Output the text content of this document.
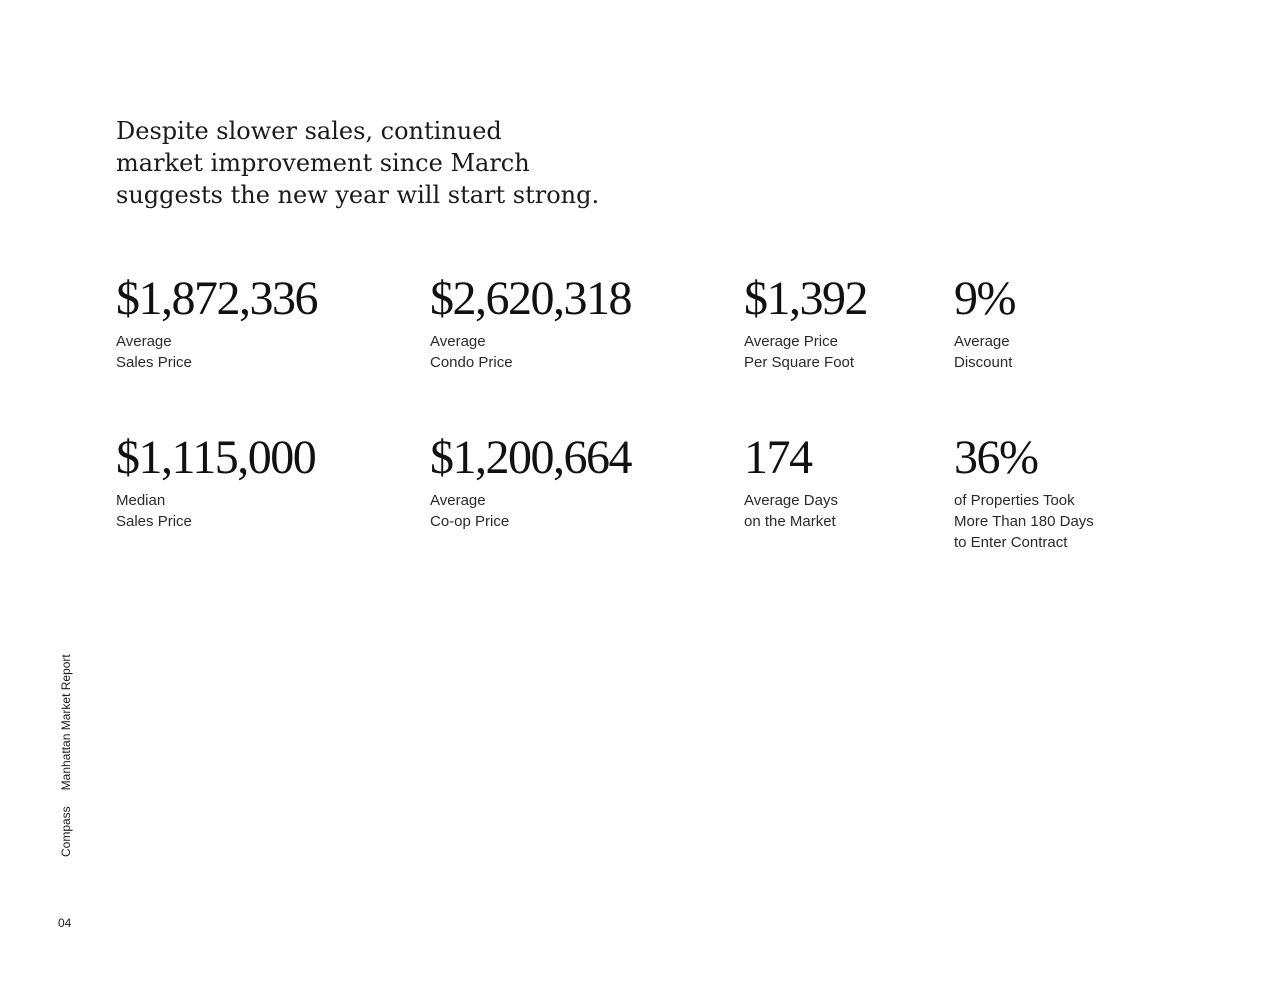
Despite slower sales, continued
market improvement since March
suggests the new year will start strong.
$1,872,336
Average
Sales Price
$2,620,318
Average
Condo Price
$1,392
Average Price
Per Square Foot
9%
Average
Discount
$1,115,000
Median
Sales Price
$1,200,664
Average
Co-op Price
174
Average Days
on the Market
36%
of Properties Took
More Than 180 Days
to Enter Contract
CompassManhattan Market Report
04
